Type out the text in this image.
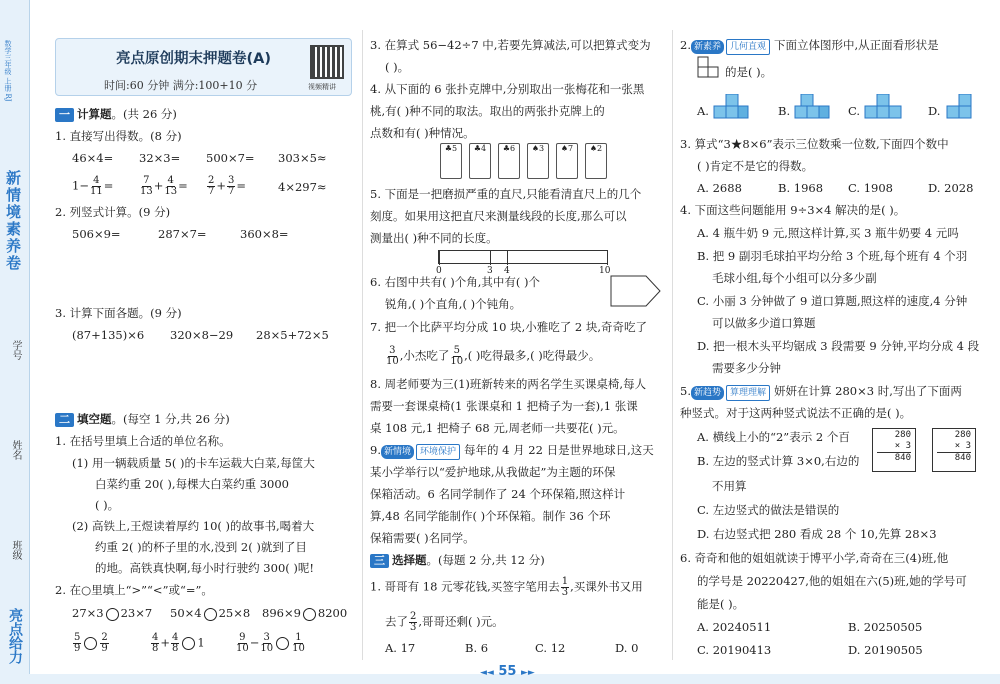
新情境素养卷
数学三年级 上册 RJ
学号
姓名
班级
亮点给力
亮点原创期末押题卷(A)
时间:60 分钟 满分:100+10 分	视频精讲
一 计算题。(共 26 分)
1. 直接写出得数。(8 分)
46×4= 32×3= 500×7= 303×5≈
$1- \frac{4}{11}$ =	$\frac{7}{13} + \frac{4}{13} = \frac{2}{7} + \frac{3}{7}$ =	4×297≈
2. 列竖式计算。(9 分)
506×9=	287×7=	360×8=
3. 计算下面各题。(9 分)
(87+135)×6 320×8−29 28×5+72×5
二 填空题。(每空 1 分,共 26 分)
1. 在括号里填上合适的单位名称。
(1) 用一辆载质量 5( )的卡车运载大白菜,每筐大
白菜约重 20( ),每棵大白菜约重 3000
( )。
(2) 高铁上,王煜读着厚约 10( )的故事书,喝着大
约重 2( )的杯子里的水,没到 2( )就到了目
的地。高铁真快啊,每小时行驶约 300( )呢!
2. 在○里填上“>”“<”或“=”。
27×3 23×7 50×4 25×8 896×9 8200
$\frac{5}{9} \frac{2}{9}$	$\frac{4}{8} + \frac{4}{8} 1$	$\frac{9}{10} - \frac{3}{10} \frac{1}{10}$
3. 在算式 56−42÷7 中,若要先算减法,可以把算式变为
( )。
4. 从下面的 6 张扑克牌中,分别取出一张梅花和一张黑
桃,有( )种不同的取法。取出的两张扑克牌上的
点数和有( )种情况。
♣5	♣4	♣6	♠3	♠7	♠2
5. 下面是一把磨损严重的直尺,只能看清直尺上的几个
刻度。如果用这把直尺来测量线段的长度,那么可以
测量出( )种不同的长度。
0	3 4	10
6. 右图中共有( )个角,其中有( )个
锐角,( )个直角,( )个钝角。
7. 把一个比萨平均分成 10 块,小雅吃了 2 块,奇奇吃了
$\frac{3}{10}$ ,小杰吃了 $\frac{5}{10}$ ,( )吃得最多,( )吃得最少。
8. 周老师要为三(1)班新转来的两名学生买课桌椅,每人
需要一套课桌椅(1 张课桌和 1 把椅子为一套),1 张课
桌 108 元,1 把椅子 68 元,周老师一共要花( )元。
9. 新情境 环境保护 每年的 4 月 22 日是世界地球日,这天
某小学举行以“爱护地球,从我做起”为主题的环保
保箱活动。6 名同学制作了 24 个环保箱,照这样计
算,48 名同学能制作( )个环保箱。制作 36 个环
保箱需要( )名同学。
三 选择题。(每题 2 分,共 12 分)
1. 哥哥有 18 元零花钱,买签字笔用去 $\frac{1}{3}$ ,买课外书又用
去了 $\frac{2}{3}$ ,哥哥还剩( )元。
A. 17	B. 6	C. 12	D. 0
2. 新素养 几何直观 下面立体图形中,从正面看形状是
的是( )。
A.	B.	C.	D.
3. 算式“3★8×6”表示三位数乘一位数,下面四个数中
( )肯定不是它的得数。
A. 2688	B. 1968 C. 1908	D. 2028
4. 下面这些问题能用 9÷3×4 解决的是( )。
A. 4 瓶牛奶 9 元,照这样计算,买 3 瓶牛奶要 4 元吗
B. 把 9 副羽毛球拍平均分给 3 个班,每个班有 4 个羽
毛球小组,每个小组可以分多少副
C. 小丽 3 分钟做了 9 道口算题,照这样的速度,4 分钟
可以做多少道口算题
D. 把一根木头平均锯成 3 段需要 9 分钟,平均分成 4 段
需要多少分钟
5. 新趋势 算理理解 妍妍在计算 280×3 时,写出了下面两
种竖式。对于这两种竖式说法不正确的是( )。
A. 横线上小的“2”表示 2 个百
B. 左边的竖式计算 3×0,右边的
不用算
C. 左边竖式的做法是错误的
D. 右边竖式把 280 看成 28 个 10,先算 28×3
280
× 3
840
280
× 3
840
6. 奇奇和他的姐姐就读于博平小学,奇奇在三(4)班,他
的学号是 20220427,他的姐姐在六(5)班,她的学号可
能是( )。
A. 20240511	B. 20250505
C. 20190413	D. 20190505
◄◄ 55 ►►
